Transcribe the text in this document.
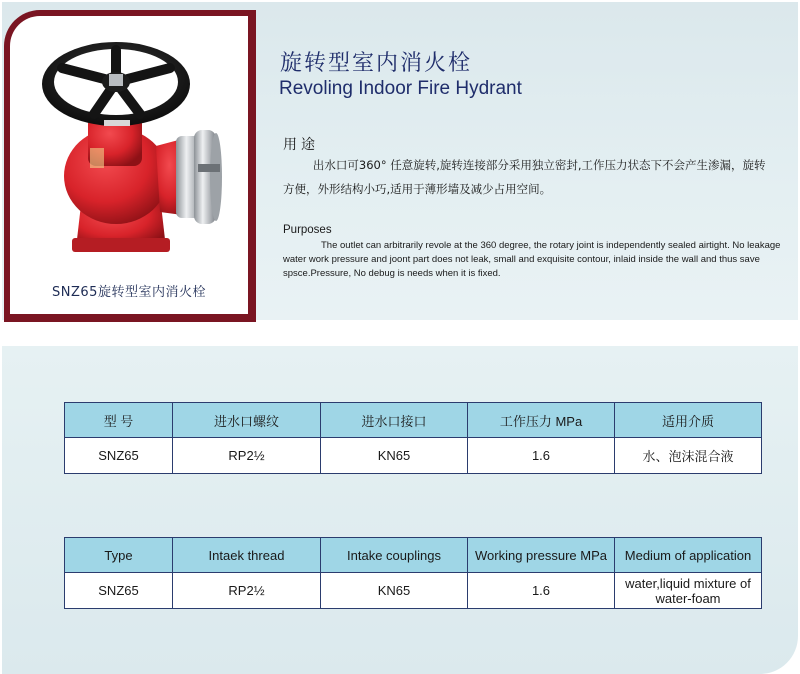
SNZ65旋转型室内消火栓
旋转型室内消火栓
Revoling Indoor Fire Hydrant
用途
出水口可360° 任意旋转,旋转连接部分采用独立密封,工作压力状态下不会产生渗漏，旋转方便，外形结构小巧,适用于薄形墙及减少占用空间。
Purposes
The outlet can arbitrarily revole at the 360 degree, the rotary joint is independently sealed airtight. No leakage water work pressure and joont part does not leak, small and exquisite contour, inlaid inside the wall and thus save spsce.Pressure, No debug is needs when it is fixed.
型 号	进水口螺纹	进水口接口	工作压力 MPa	适用介质
SNZ65	RP2½	KN65	1.6	水、泡沫混合液
Type	Intaek thread	Intake couplings	Working pressure MPa	Medium of application
SNZ65	RP2½	KN65	1.6	water,liquid mixture of water-foam
